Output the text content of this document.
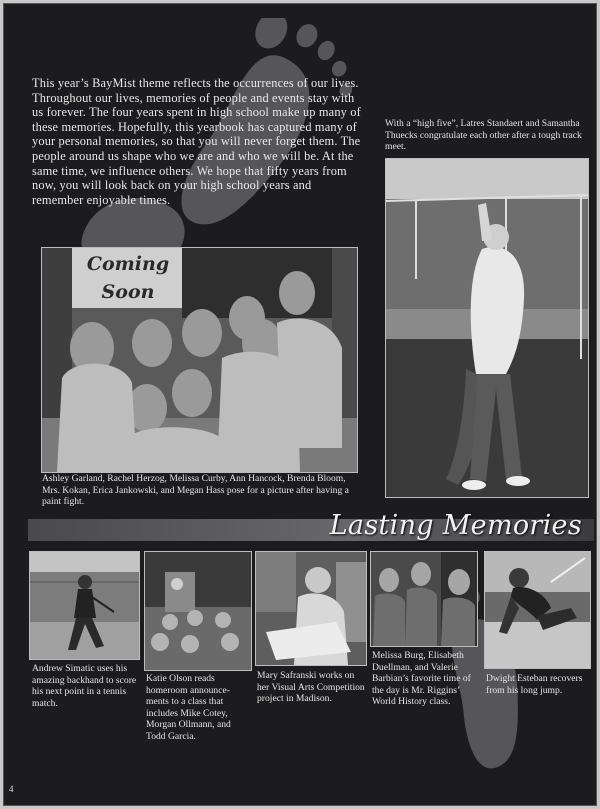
This year’s BayMist theme reflects the occurrences of our lives. Throughout our lives, memories of people and events stay with us forever. The four years spent in high school make up many of these memories. Hopefully, this yearbook has captured many of your personal memories, so that you will never forget them. The people around us shape who we are and who we will be. At the same time, we influence others. We hope that fifty years from now, you will look back on your high school years and remember enjoyable times.

With a “high five”, Latres Standaert and Samantha Thuecks congratulate each other after a tough track meet.

Coming Soon

Ashley Garland, Rachel Herzog, Melissa Curby, Ann Hancock, Brenda Bloom, Mrs. Kokan, Erica Jankowski, and Megan Hass pose for a picture after having a paint fight.

Lasting Memories

Andrew Simatic uses his amazing backhand to score his next point in a tennis match.

Katie Olson reads homeroom announce-ments to a class that includes Mike Cotey, Morgan Ollmann, and Todd Garcia.

Mary Safranski works on her Visual Arts Competition project in Madison.

Melissa Burg, Elisabeth Duellman, and Valerie Barbian’s favorite time of the day is Mr. Riggins’ World History class.

Dwight Esteban recovers from his long jump.

4
